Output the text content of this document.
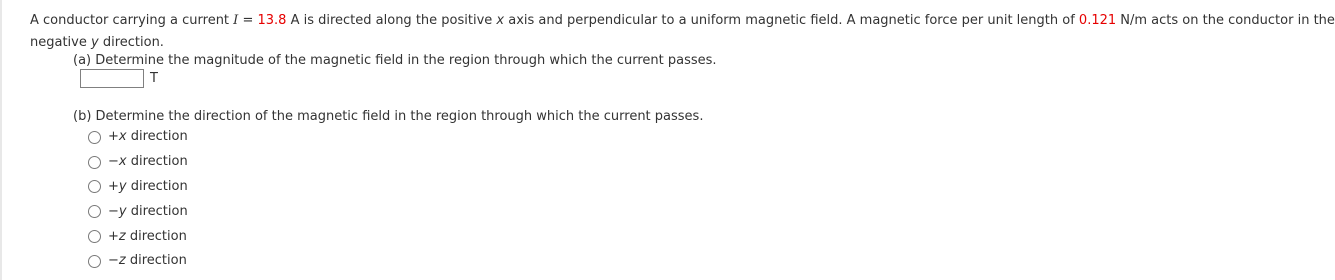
A conductor carrying a current I = 13.8 A is directed along the positive x axis and perpendicular to a uniform magnetic field. A magnetic force per unit length of 0.121 N/m acts on the conductor in the

negative y direction.

(a) Determine the magnitude of the magnetic field in the region through which the current passes.
T
(b) Determine the direction of the magnetic field in the region through which the current passes.
+x direction
−x direction
+y direction
−y direction
+z direction
−z direction
